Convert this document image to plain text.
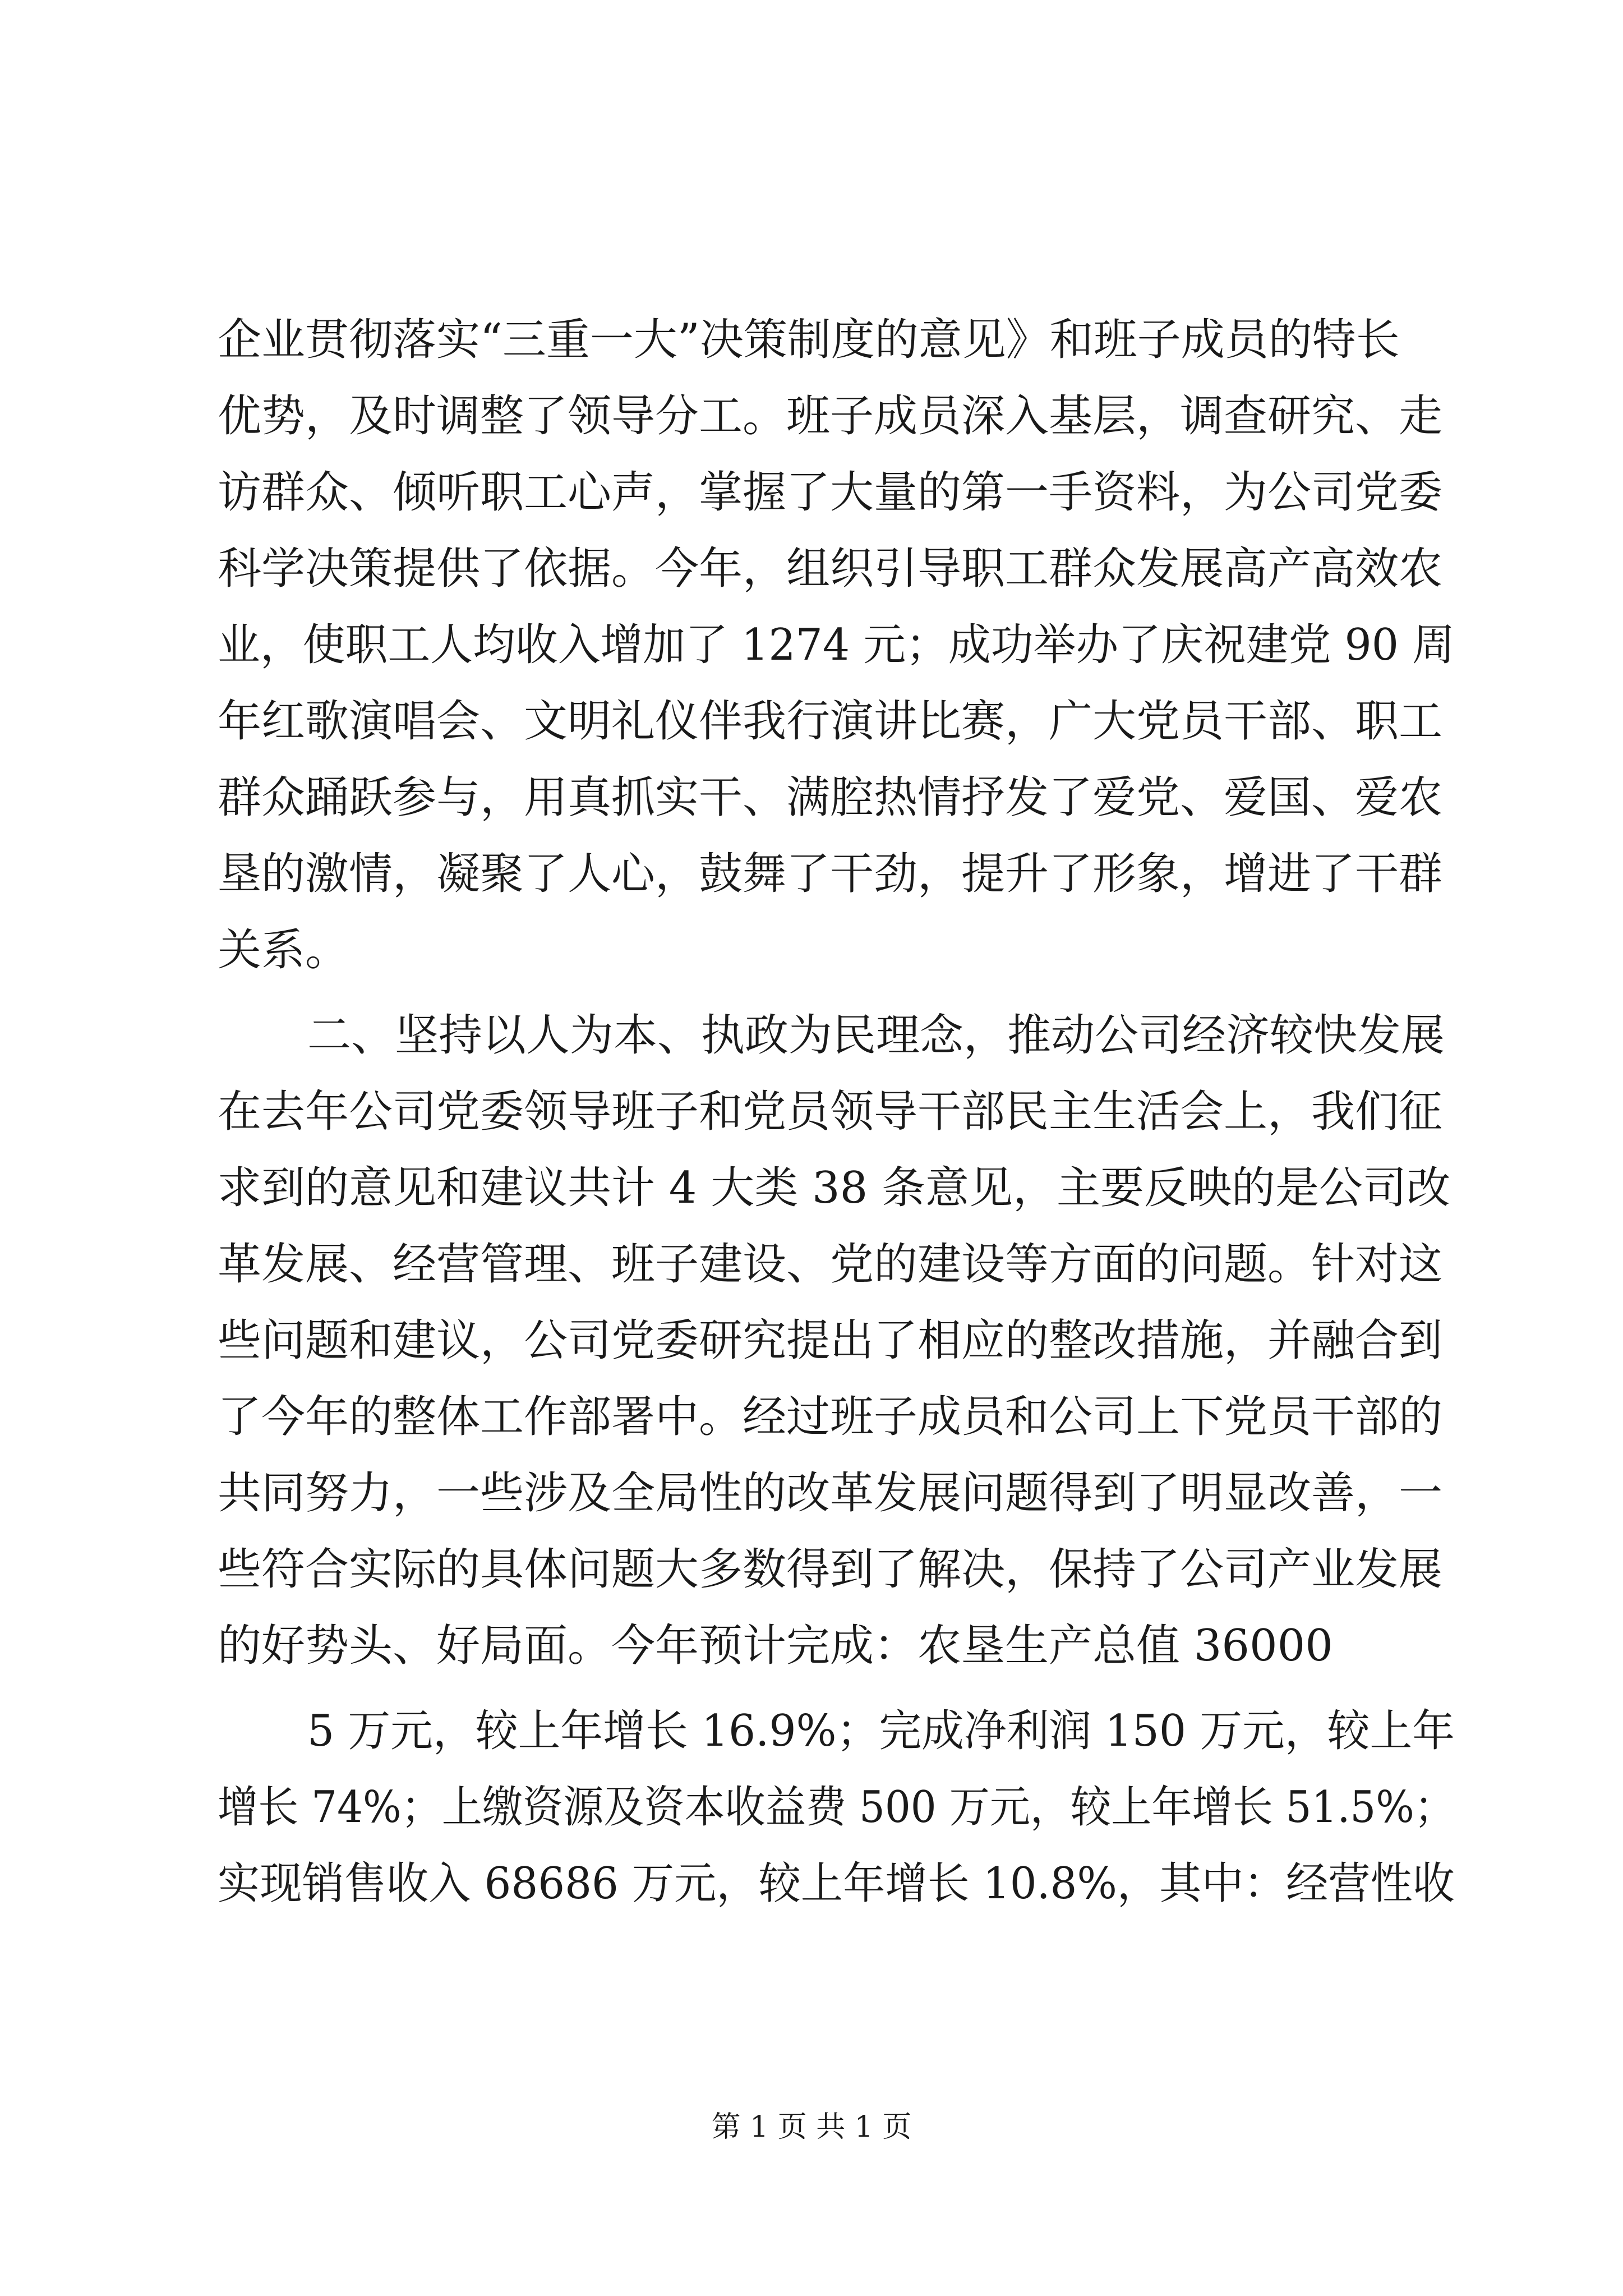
企业贯彻落实“三重一大”决策制度的意见》和班子成员的特长
优势，及时调整了领导分工。班子成员深入基层，调查研究、走
访群众、倾听职工心声，掌握了大量的第一手资料，为公司党委
科学决策提供了依据。今年，组织引导职工群众发展高产高效农
业，使职工人均收入增加了 1274 元；成功举办了庆祝建党 90 周
年红歌演唱会、文明礼仪伴我行演讲比赛，广大党员干部、职工
群众踊跃参与，用真抓实干、满腔热情抒发了爱党、爱国、爱农
垦的激情，凝聚了人心，鼓舞了干劲，提升了形象，增进了干群
关系。
二、坚持以人为本、执政为民理念，推动公司经济较快发展
在去年公司党委领导班子和党员领导干部民主生活会上，我们征
求到的意见和建议共计 4 大类 38 条意见，主要反映的是公司改
革发展、经营管理、班子建设、党的建设等方面的问题。针对这
些问题和建议，公司党委研究提出了相应的整改措施，并融合到
了今年的整体工作部署中。经过班子成员和公司上下党员干部的
共同努力，一些涉及全局性的改革发展问题得到了明显改善，一
些符合实际的具体问题大多数得到了解决，保持了公司产业发展
的好势头、好局面。今年预计完成：农垦生产总值 36000
5 万元，较上年增长 16.9%；完成净利润 150 万元，较上年
增长 74%；上缴资源及资本收益费 500 万元，较上年增长 51.5%；
实现销售收入 68686 万元，较上年增长 10.8%，其中：经营性收
第 1 页 共 1 页
